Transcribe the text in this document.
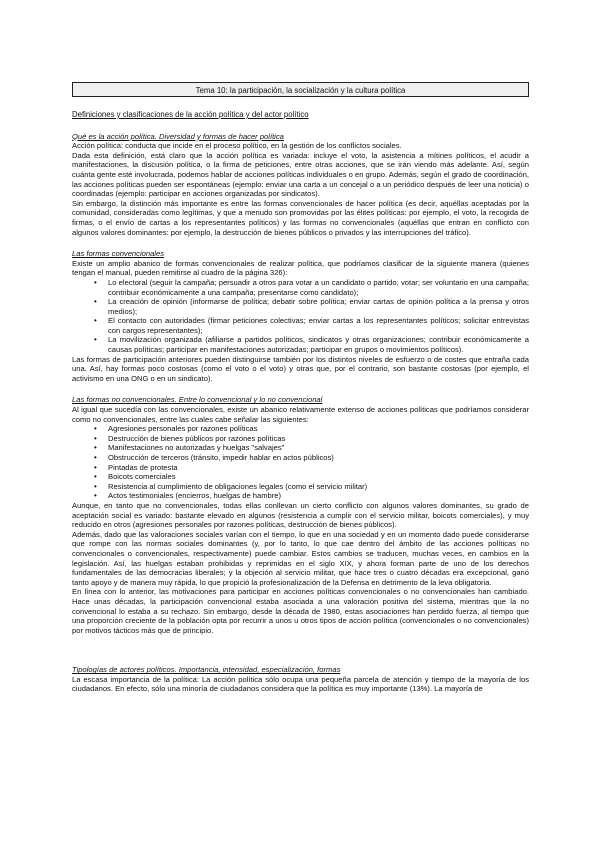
Tema 10: la participación, la socialización y la cultura política
Definiciones y clasificaciones de la acción política y del actor político
Qué es la acción política. Diversidad y formas de hacer política

Acción política: conducta que incide en el proceso político, en la gestión de los conflictos sociales.

Dada esta definición, está claro que la acción política es variada: incluye el voto, la asistencia a mítines políticos, el acudir a manifestaciones, la discusión política, o la firma de peticiones, entre otras acciones, que se irán viendo más adelante. Así, según cuánta gente esté involucrada, podemos hablar de acciones políticas individuales o en grupo. Además, según el grado de coordinación, las acciones políticas pueden ser espontáneas (ejemplo: enviar una carta a un concejal o a un periódico después de leer una noticia) o coordinadas (ejemplo: participar en acciones organizadas por sindicatos).

Sin embargo, la distinción más importante es entre las formas convencionales de hacer política (es decir, aquéllas aceptadas por la comunidad, consideradas como legítimas, y que a menudo son promovidas por las élites políticas: por ejemplo, el voto, la recogida de firmas, o el envío de cartas a los representantes políticos) y las formas no convencionales (aquéllas que entran en conflicto con algunos valores dominantes: por ejemplo, la destrucción de bienes públicos o privados y las interrupciones del tráfico).

Las formas convencionales

Existe un amplio abanico de formas convencionales de realizar política, que podríamos clasificar de la siguiente manera (quienes tengan el manual, pueden remitirse al cuadro de la página 326):

• Lo electoral (seguir la campaña; persuadir a otros para votar a un candidato o partido; votar; ser voluntario en una campaña; contribuir económicamente a una campaña; presentarse como candidato);
• La creación de opinión (informarse de política; debatir sobre política; enviar cartas de opinión política a la prensa y otros medios);
• El contacto con autoridades (firmar peticiones colectivas; enviar cartas a los representantes políticos; solicitar entrevistas con cargos representantes);
• La movilización organizada (afiliarse a partidos políticos, sindicatos y otras organizaciones; contribuir económicamente a causas políticas; participar en manifestaciones autorizadas; participar en grupos o movimientos políticos).

Las formas de participación anteriores pueden distinguirse también por los distintos niveles de esfuerzo o de costes que entraña cada una. Así, hay formas poco costosas (como el voto o el voto) y otras que, por el contrario, son bastante costosas (por ejemplo, el activismo en una ONG o en un sindicato).

Las formas no convencionales. Entre lo convencional y lo no convencional

Al igual que sucedía con las convencionales, existe un abanico relativamente extenso de acciones políticas que podríamos considerar como no convencionales, entre las cuales cabe señalar las siguientes:

• Agresiones personales por razones políticas
• Destrucción de bienes públicos por razones políticas
• Manifestaciones no autorizadas y huelgas "salvajes"
• Obstrucción de terceros (tránsito, impedir hablar en actos públicos)
• Pintadas de protesta
• Boicots comerciales
• Resistencia al cumplimiento de obligaciones legales (como el servicio militar)
• Actos testimoniales (encierros, huelgas de hambre)

Aunque, en tanto que no convencionales, todas ellas conllevan un cierto conflicto con algunos valores dominantes, su grado de aceptación social es variado: bastante elevado en algunos (resistencia a cumplir con el servicio militar, boicots comerciales), y muy reducido en otros (agresiones personales por razones políticas, destrucción de bienes públicos).

Además, dado que las valoraciones sociales varían con el tiempo, lo que en una sociedad y en un momento dado puede considerarse que rompe con las normas sociales dominantes (y, por lo tanto, lo que cae dentro del ámbito de las acciones políticas no convencionales o convencionales, respectivamente) puede cambiar. Estos cambios se traducen, muchas veces, en cambios en la legislación. Así, las huelgas estaban prohibidas y reprimidas en el siglo XIX, y ahora forman parte de uno de los derechos fundamentales de las democracias liberales; y la objeción al servicio militar, que hace tres o cuatro décadas era excepcional, ganó tanto apoyo y de manera muy rápida, lo que propició la profesionalización de la Defensa en detrimento de la leva obligatoria.

En línea con lo anterior, las motivaciones para participar en acciones políticas convencionales o no convencionales han cambiado. Hace unas décadas, la participación convencional estaba asociada a una valoración positiva del sistema, mientras que la no convencional lo estaba a su rechazo. Sin embargo, desde la década de 1980, estas asociaciones han perdido fuerza, al tiempo que una proporción creciente de la población opta por recurrir a unos u otros tipos de acción política (convencionales o no convencionales) por motivos tácticos más que de principio.

Tipologías de actores políticos. Importancia, intensidad, especialización, formas

La escasa importancia de la política: La acción política sólo ocupa una pequeña parcela de atención y tiempo de la mayoría de los ciudadanos. En efecto, sólo una minoría de ciudadanos considera que la política es muy importante (13%). La mayoría de
